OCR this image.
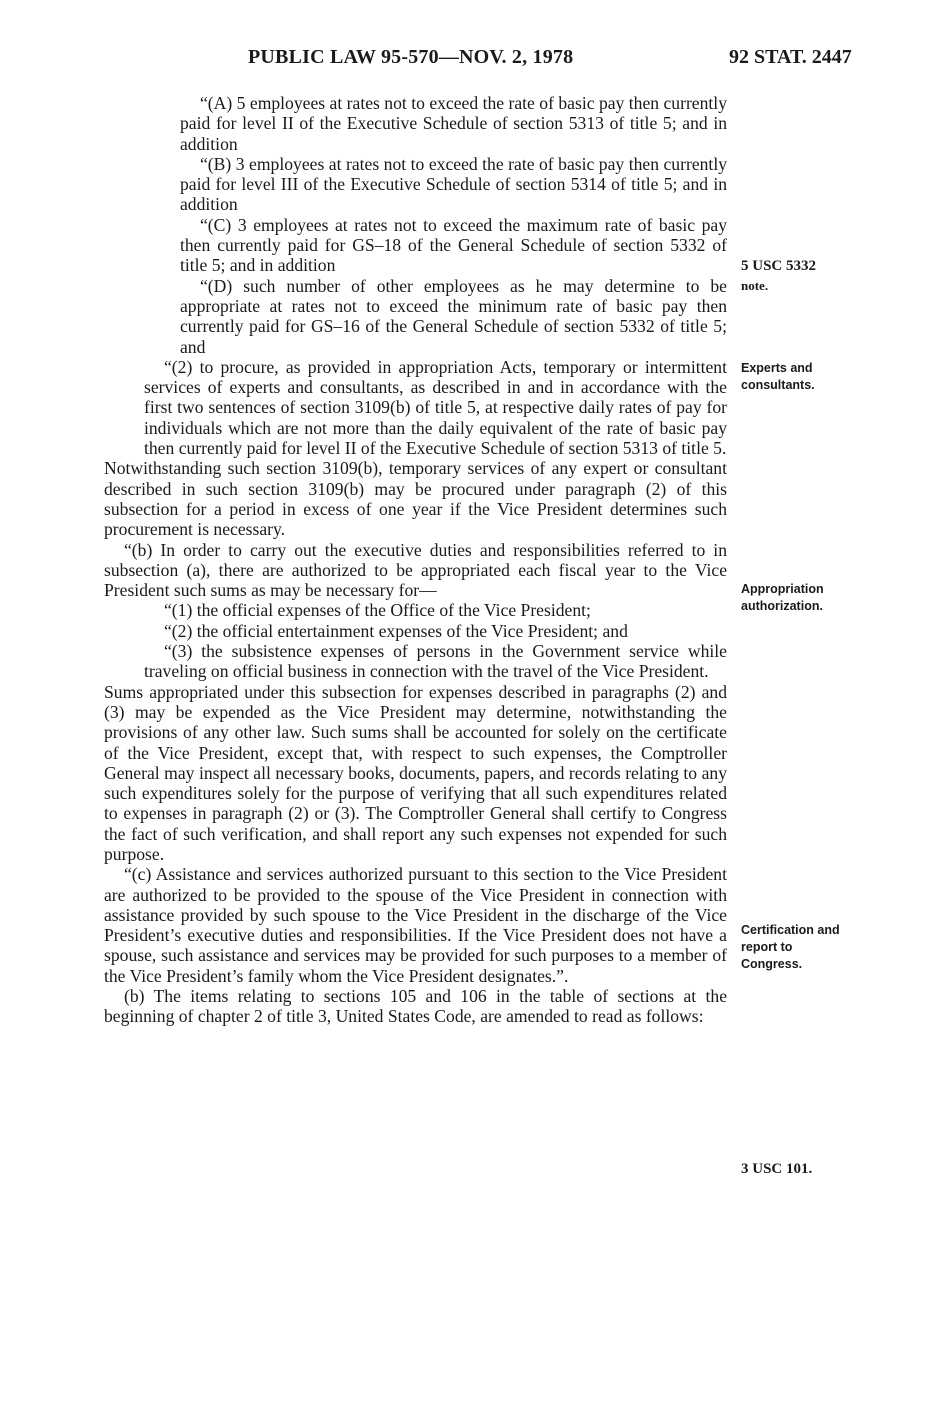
PUBLIC LAW 95-570—NOV. 2, 1978	92 STAT. 2447

“(A) 5 employees at rates not to exceed the rate of basic pay then currently paid for level II of the Executive Schedule of section 5313 of title 5; and in addition

“(B) 3 employees at rates not to exceed the rate of basic pay then currently paid for level III of the Executive Schedule of section 5314 of title 5; and in addition

“(C) 3 employees at rates not to exceed the maximum rate of basic pay then currently paid for GS–18 of the General Schedule of section 5332 of title 5; and in addition

“(D) such number of other employees as he may determine to be appropriate at rates not to exceed the minimum rate of basic pay then currently paid for GS–16 of the General Schedule of section 5332 of title 5; and

“(2) to procure, as provided in appropriation Acts, temporary or intermittent services of experts and consultants, as described in and in accordance with the first two sentences of section 3109(b) of title 5, at respective daily rates of pay for individuals which are not more than the daily equivalent of the rate of basic pay then currently paid for level II of the Executive Schedule of section 5313 of title 5.

Notwithstanding such section 3109(b), temporary services of any expert or consultant described in such section 3109(b) may be procured under paragraph (2) of this subsection for a period in excess of one year if the Vice President determines such procurement is necessary.

“(b) In order to carry out the executive duties and responsibilities referred to in subsection (a), there are authorized to be appropriated each fiscal year to the Vice President such sums as may be necessary for—

“(1) the official expenses of the Office of the Vice President;

“(2) the official entertainment expenses of the Vice President; and

“(3) the subsistence expenses of persons in the Government service while traveling on official business in connection with the travel of the Vice President.

Sums appropriated under this subsection for expenses described in paragraphs (2) and (3) may be expended as the Vice President may determine, notwithstanding the provisions of any other law. Such sums shall be accounted for solely on the certificate of the Vice President, except that, with respect to such expenses, the Comptroller General may inspect all necessary books, documents, papers, and records relating to any such expenditures solely for the purpose of verifying that all such expenditures related to expenses in paragraph (2) or (3). The Comptroller General shall certify to Congress the fact of such verification, and shall report any such expenses not expended for such purpose.

“(c) Assistance and services authorized pursuant to this section to the Vice President are authorized to be provided to the spouse of the Vice President in connection with assistance provided by such spouse to the Vice President in the discharge of the Vice President’s executive duties and responsibilities. If the Vice President does not have a spouse, such assistance and services may be provided for such purposes to a member of the Vice President’s family whom the Vice President designates.”.

(b) The items relating to sections 105 and 106 in the table of sections at the beginning of chapter 2 of title 3, United States Code, are amended to read as follows:

5 USC 5332
note.
Experts and
consultants.
Appropriation
authorization.
Certification and
report to
Congress.
3 USC 101.
